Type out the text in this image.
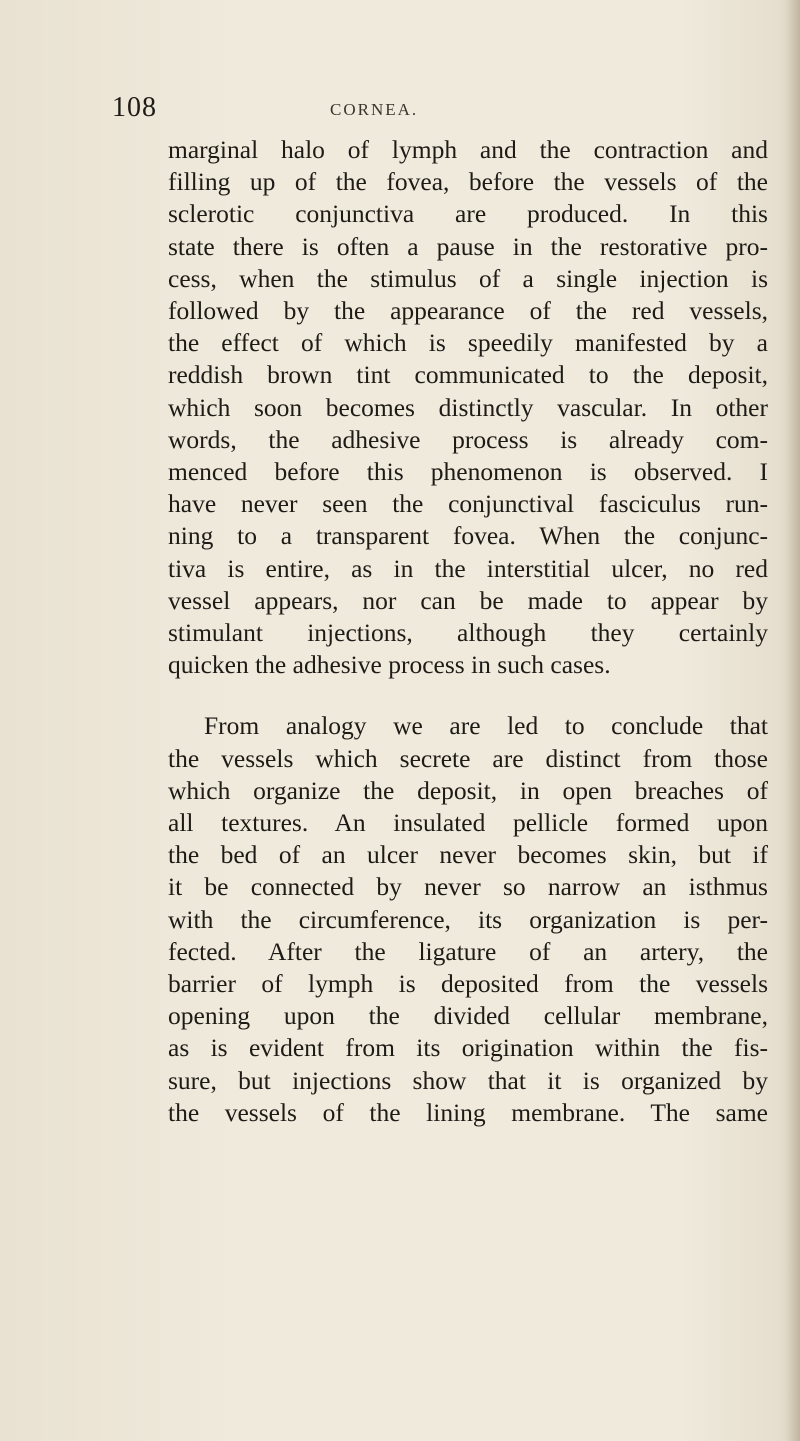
108	CORNEA.

marginal halo of lymph and the contraction and
filling up of the fovea, before the vessels of the
sclerotic conjunctiva are produced. In this
state there is often a pause in the restorative pro-
cess, when the stimulus of a single injection is
followed by the appearance of the red vessels,
the effect of which is speedily manifested by a
reddish brown tint communicated to the deposit,
which soon becomes distinctly vascular. In other
words, the adhesive process is already com-
menced before this phenomenon is observed. I
have never seen the conjunctival fasciculus run-
ning to a transparent fovea. When the conjunc-
tiva is entire, as in the interstitial ulcer, no red
vessel appears, nor can be made to appear by
stimulant injections, although they certainly
quicken the adhesive process in such cases.

From analogy we are led to conclude that
the vessels which secrete are distinct from those
which organize the deposit, in open breaches of
all textures. An insulated pellicle formed upon
the bed of an ulcer never becomes skin, but if
it be connected by never so narrow an isthmus
with the circumference, its organization is per-
fected. After the ligature of an artery, the
barrier of lymph is deposited from the vessels
opening upon the divided cellular membrane,
as is evident from its origination within the fis-
sure, but injections show that it is organized by
the vessels of the lining membrane. The same
